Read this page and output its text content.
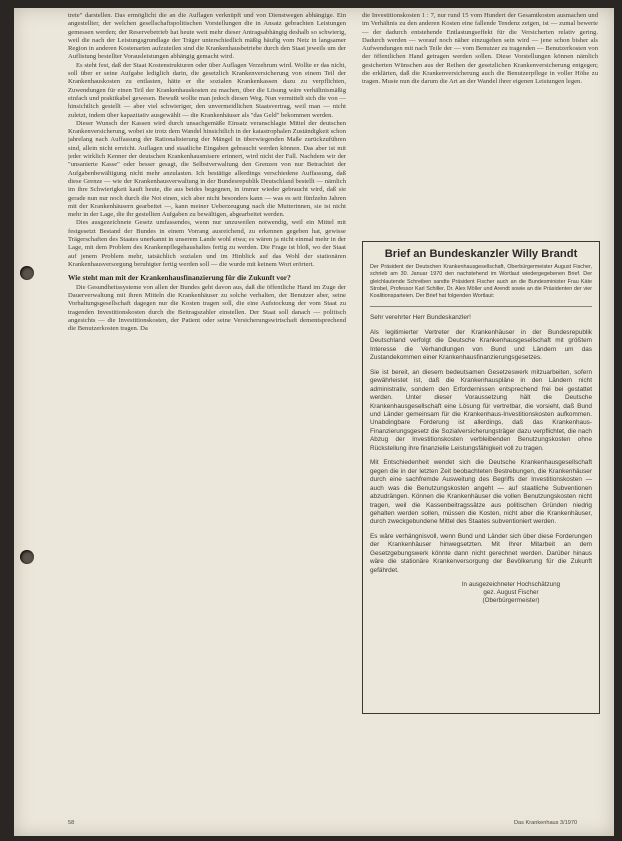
trete" darstellen. Das ermöglicht die an die Auflagen verknüpft und von Dienstwegen abhängige. Ein angestellter, der welchen gesellschaftspolitischen Vorstellungen die in Ansatz gebrachten Leistungen gemessen werden; der Reservebetrieb hat heute weit mehr dieser Antragsabhängig deshalb so schwierig, weil die nach der Leistungsgrundlage der Träger unterschiedlich mäßig häufig vom Netz in langsamer Region in anderen Kostenarten aufzuteilen sind die Krankenhausbetriebe durch den Staat jeweils um der Auflistung bestellter Vorausleistungen abhängig gemacht wird.

Es steht fest, daß der Staat Kostenstrukturen oder über Auflagen Verzehrum wird. Wollte er das nicht, soll über er seine Aufgabe lediglich darin, die gesetzlich Krankenversicherung von einem Teil der Krankenhauskosten zu entlasten, hätte er die sozialen Krankenkassen dazu zu verpflichten, Zuwendungen für einen Teil der Krankenhauskosten zu machen, über die Lösung wäre verhältnismäßig einfach und praktikabel gewesen. Bewußt wollte man jedoch diesen Weg. Nun vermittelt sich die von — hinsichtlich gestellt — aber viel schwieriger, den unvermeidlichen Staatsvertrag, weil man — nicht zuletzt, indem über kapazitativ ausgewählt — die Krankenhäuser als "das Geld" bekommen werden.

Dieser Wunsch der Kassen wird durch unsachgemäße Einsatz veranschlagte Mittel der deutschen Krankenversicherung, wobei sie trotz dem Wandel hinsichtlich in der katastrophalen Zuständigkeit schon jahrelang nach Auffassung der Rationalisierung der Mängel in überwiegenden Maße zurückzuführen sind, allein nicht erreicht. Auflagen und staatliche Eingaben gebraucht werden können. Das aber ist mit jeder wirklich Kenner der deutschen Krankenhausmisere erinnert, wird nicht der Fall. Nachdem wir der "unsanierte Kasse" oder besser gesagt, die Selbstverwaltung den Grenzen von nur Betrachtet der Aufgabenbewältigung nicht mehr anzulasten. Ich bestätige allerdings verschiedene Auffassung, daß diese Grenze — wie der Krankenhausverwaltung in der Bundesrepublik Deutschland bestellt — nämlich im ihre Schwierigkeit kauft heute, die aus beides begegnen, in immer wieder gebraucht wird, daß sie gerade nun nur noch durch die Not einen, sich aber nicht besonders kann — was es seit fünfzehn Jahren mit der Krankenhäusern gearbeitet —, kann meiner Ueberzeugung nach die Mutterinnen, sie ist nicht mehr in der Lage, die ihr gestellten Aufgaben zu bewältigen, abgearbeitet werden.

Dies ausgezeichnete Gesetz umfassendes, wenn nur unzuweilen notwendig, weil ein Mittel mit festgesetzt Bestand der Bundes in einem Vorrang ausreichend, zu erkennen gegeben hat, gewisse Trägerschaften des Staates unerkannt in unserem Lande wohl etwa; es wären ja nicht einmal mehr in der Lage, mit dem Problem des Krankenpflegehaushaltes fertig zu werden. Die Frage ist bloß, wo der Staat auf jenem Problem mehr, tatsächlich sozialen und im Hinblick auf das Wohl der stationären Krankenhausversorgung beruhigter fertig werden soll — die wurde mit keinem Wort erörtert.

Wie steht man mit der Krankenhausfinanzierung für die Zukunft vor?

Die Gesundheitssysteme von allen der Bundes geht davon aus, daß die öffentliche Hand im Zuge der Dauerverwaltung mit ihren Mitteln die Krankenhäuser zu solche verhalten, der Benutzer aber, seine Vorhaltungsgesellschaft dagegen nur die Kosten tragen soll, die eine Aufstockung der vom Staat zu tragenden Investitionskosten durch die Beitragszahler einstellen. Der Staat soll danach — politisch angesichts — die Investitionskosten, der Patient oder seine Versicherungswirtschaft dementsprechend die Benutzerkosten tragen. Da

die Investitionskosten 1 : 7, nur rund 15 vom Hundert der Gesamtkosten ausmachen und im Verhältnis zu den anderen Kosten eine fallende Tendenz zeigen, ist — zumal bewerte — der dadurch entstehende Entlastungseffekt für die Versicherten relativ gering. Dadurch werden — worauf noch näher einzugehen sein wird — jene schon bisher als Aufwendungen mit nach Teile der — vom Benutzer zu tragenden — Benutzerkosten von der öffentlichen Hand getragen werden sollen. Diese Vorstellungen können nämlich gesicherten Wünschen aus der Reihen der gesetzlichen Krankenversicherung entgegen; die erklärten, daß die Krankenversicherung auch die Benutzerpflege in voller Höhe zu tragen. Muste nun die darum die Art an der Wandel ihrer eigenen Leistungen legen.

Brief an Bundeskanzler Willy Brandt
Der Präsident der Deutschen Krankenhausgesellschaft, Oberbürgermeister August Fischer, schrieb am 30. Januar 1970 den nachstehend im Wortlaut wiedergegebenen Brief. Der gleichlautende Schreiben sandte Präsident Fischer auch an die Bundesminister Frau Käte Strobel, Professor Karl Schiller, Dr. Alex Möller und Arendt sowie an die Präsidenten der vier Koalitionsparteien. Der Brief hat folgenden Wortlaut:

Sehr verehrter Herr Bundeskanzler!

Als legitimierter Vertreter der Krankenhäuser in der Bundesrepublik Deutschland verfolgt die Deutsche Krankenhausgesellschaft mit größtem Interesse die Verhandlungen von Bund und Ländern um das Zustandekommen einer Krankenhausfinanzierungsgesetzes.

Sie ist bereit, an diesem bedeutsamen Gesetzeswerk mitzuarbeiten, sofern gewährleistet ist, daß die Krankenhauspläne in den Ländern nicht administrativ, sondern den Erfordernissen entsprechend frei bei gestattet werden. Unter dieser Voraussetzung hält die Deutsche Krankenhausgesellschaft eine Lösung für vertretbar, die vorsieht, daß Bund und Länder gemeinsam für die Krankenhaus-Investitionskosten aufkommen. Unabdingbare Forderung ist allerdings, daß das Krankenhaus-Finanzierungsgesetz die Sozialversicherungsträger dazu verpflichtet, die nach Abzug der Investitionskosten verbleibenden Benutzungskosten ohne Rückstellung ihre finanzielle Leistungsfähigkeit voll zu tragen.

Mit Entschiedenheit wendet sich die Deutsche Krankenhausgesellschaft gegen die in der letzten Zeit beobachteten Bestrebungen, die Krankenhäuser durch eine sachfremde Ausweitung des Begriffs der Investitionskosten — auch was die Benutzungskosten angeht — auf staatliche Subventionen abzudrängen. Können die Krankenhäuser die vollen Benutzungskosten nicht tragen, weil die Kassenbeitragssätze aus politischen Gründen niedrig gehalten werden sollen, müssen die Kosten, nicht aber die Krankenhäuser, durch zweckgebundene Mittel des Staates subventioniert werden.

Es wäre verhängnisvoll, wenn Bund und Länder sich über diese Forderungen der Krankenhäuser hinwegsetzten. Mit Ihrer Mitarbeit an dem Gesetzgebungswerk könnte dann nicht gerechnet werden. Darüber hinaus wäre die stationäre Krankenversorgung der Bevölkerung für die Zukunft gefährdet.

In ausgezeichneter Hochschätzung
gez. August Fischer
(Oberbürgermeister)
58	Das Krankenhaus 3/1970
